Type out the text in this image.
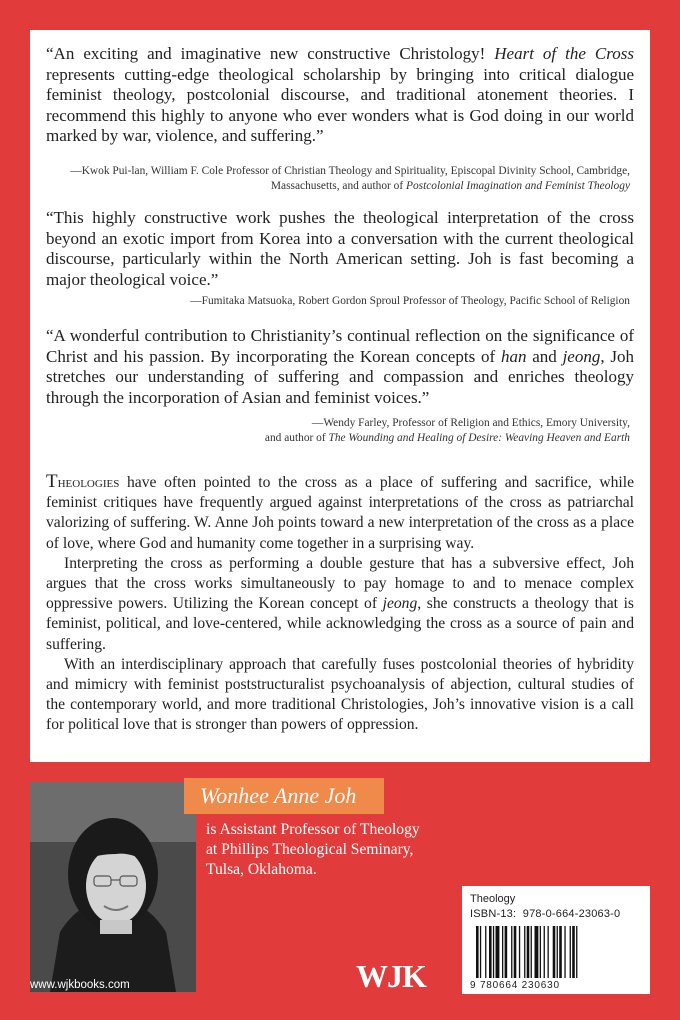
“An exciting and imaginative new constructive Christology! Heart of the Cross represents cutting-edge theological scholarship by bringing into critical dialogue feminist theology, postcolonial discourse, and traditional atonement theories. I recommend this highly to anyone who ever wonders what is God doing in our world marked by war, violence, and suffering.”
—Kwok Pui-lan, William F. Cole Professor of Christian Theology and Spirituality, Episcopal Divinity School, Cambridge, Massachusetts, and author of Postcolonial Imagination and Feminist Theology
“This highly constructive work pushes the theological interpretation of the cross beyond an exotic import from Korea into a conversation with the current theological discourse, particularly within the North American setting. Joh is fast becoming a major theological voice.”
—Fumitaka Matsuoka, Robert Gordon Sproul Professor of Theology, Pacific School of Religion
“A wonderful contribution to Christianity’s continual reflection on the significance of Christ and his passion. By incorporating the Korean concepts of han and jeong, Joh stretches our understanding of suffering and compassion and enriches theology through the incorporation of Asian and feminist voices.”
—Wendy Farley, Professor of Religion and Ethics, Emory University,
and author of The Wounding and Healing of Desire: Weaving Heaven and Earth

Theologies have often pointed to the cross as a place of suffering and sacrifice, while feminist critiques have frequently argued against interpretations of the cross as patriarchal valorizing of suffering. W. Anne Joh points toward a new interpretation of the cross as a place of love, where God and humanity come together in a surprising way.

Interpreting the cross as performing a double gesture that has a subversive effect, Joh argues that the cross works simultaneously to pay homage to and to menace complex oppressive powers. Utilizing the Korean concept of jeong, she constructs a theology that is feminist, political, and love-centered, while acknowledging the cross as a source of pain and suffering.

With an interdisciplinary approach that carefully fuses postcolonial theories of hybridity and mimicry with feminist poststructuralist psychoanalysis of abjection, cultural studies of the contemporary world, and more traditional Christologies, Joh’s innovative vision is a call for political love that is stronger than powers of oppression.

Wonhee Anne Joh
is Assistant Professor of Theology
at Phillips Theological Seminary,
Tulsa, Oklahoma.
www.wjkbooks.com	WJK
Theology
ISBN-13: 978-0-664-23063-0
9 780664 230630
